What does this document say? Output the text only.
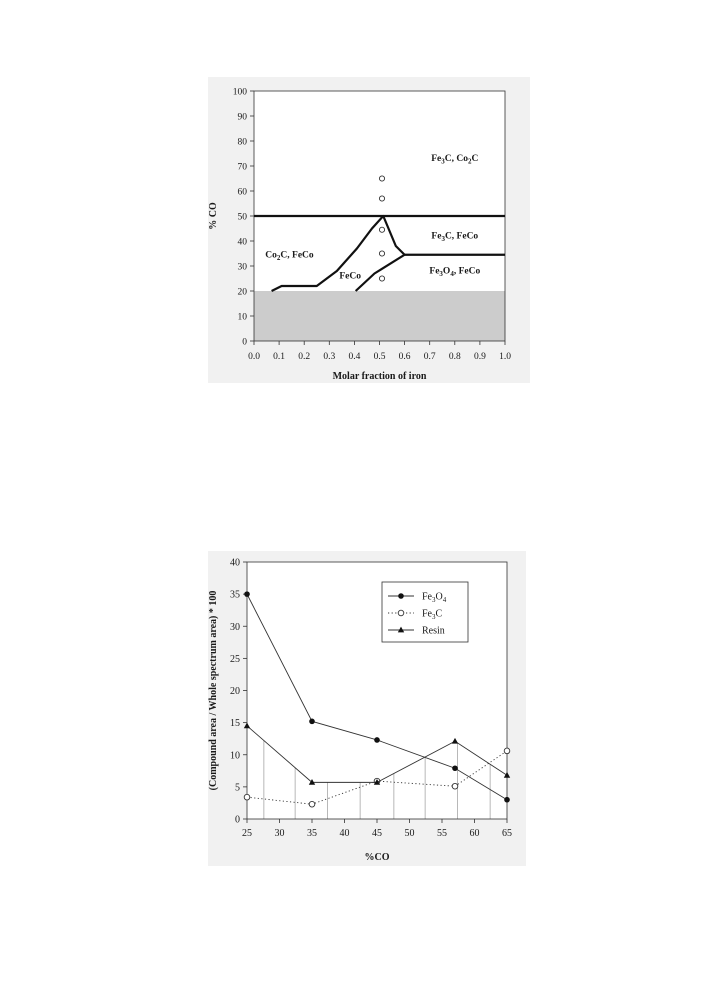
0
10
20
30
40
50
60
70
80
90
100
0.0 0.1 0.2 0.3 0.4 0.5 0.6 0.7 0.8 0.9 1.0
Molar fraction of iron
% CO
$Fe_3C$, $Co_2C$
$Fe_3C$, FeCo
$Fe_3O_4$, FeCo
$Co_2C$, FeCo
FeCo
0
5
10
15
20
25
30
35
40
25 30 35 40 45 50 55 60 65
%CO
(Compound area / Whole spectrum area) * 100	$Fe_3O_4$
$Fe_3C$
Resin
